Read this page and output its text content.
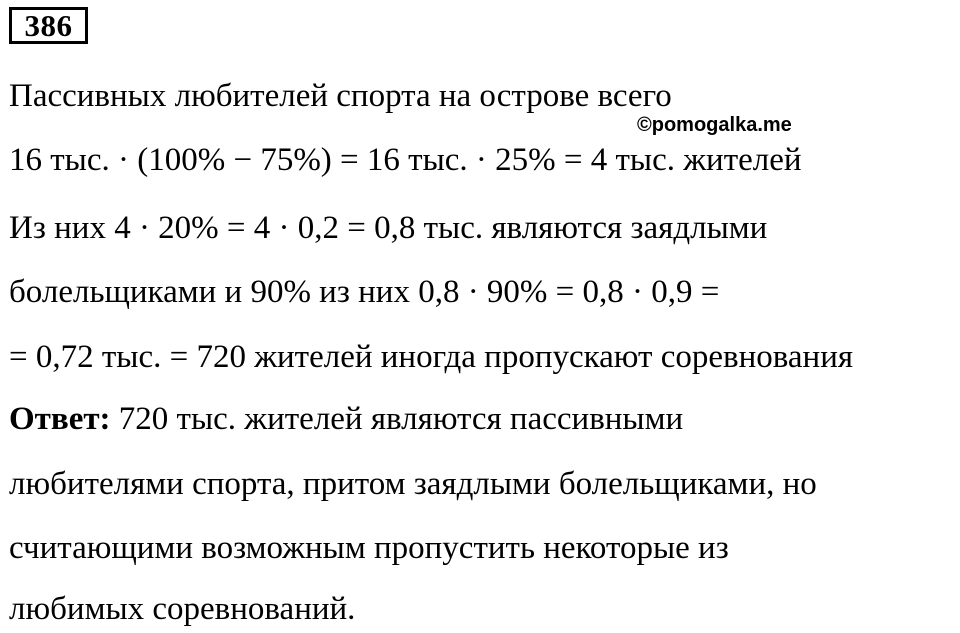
386
Пассивных любителей спорта на острове всего
©pomogalka.me
16 тыс. · (100% − 75%) = 16 тыс. · 25% = 4 тыс. жителей
Из них 4 · 20% = 4 · 0,2 = 0,8 тыс. являются заядлыми
болельщиками и 90% из них 0,8 · 90% = 0,8 · 0,9 =
= 0,72 тыс. = 720 жителей иногда пропускают соревнования
Ответ: 720 тыс. жителей являются пассивными
любителями спорта, притом заядлыми болельщиками, но
считающими возможным пропустить некоторые из
любимых соревнований.
